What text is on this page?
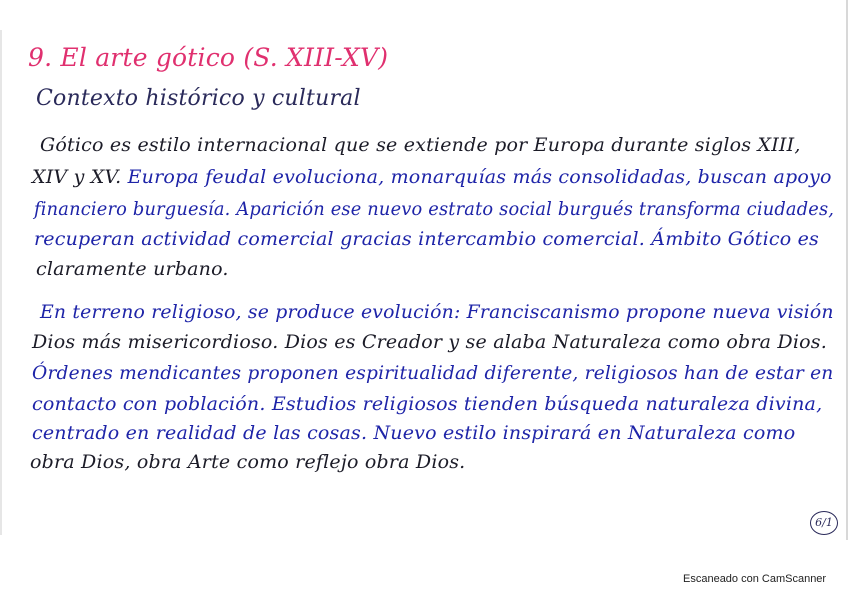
9. El arte gótico (S. XIII-XV)
Contexto histórico y cultural
Gótico es estilo internacional que se extiende por Europa durante siglos XIII,
XIV y XV. Europa feudal evoluciona, monarquías más consolidadas, buscan apoyo
financiero burguesía. Aparición ese nuevo estrato social burgués transforma ciudades,
recuperan actividad comercial gracias intercambio comercial. Ámbito Gótico es
claramente urbano.
En terreno religioso, se produce evolución: Franciscanismo propone nueva visión
Dios más misericordioso. Dios es Creador y se alaba Naturaleza como obra Dios.
Órdenes mendicantes proponen espiritualidad diferente, religiosos han de estar en
contacto con población. Estudios religiosos tienden búsqueda naturaleza divina,
centrado en realidad de las cosas. Nuevo estilo inspirará en Naturaleza como
obra Dios, obra Arte como reflejo obra Dios.
6/1
Escaneado con CamScanner
